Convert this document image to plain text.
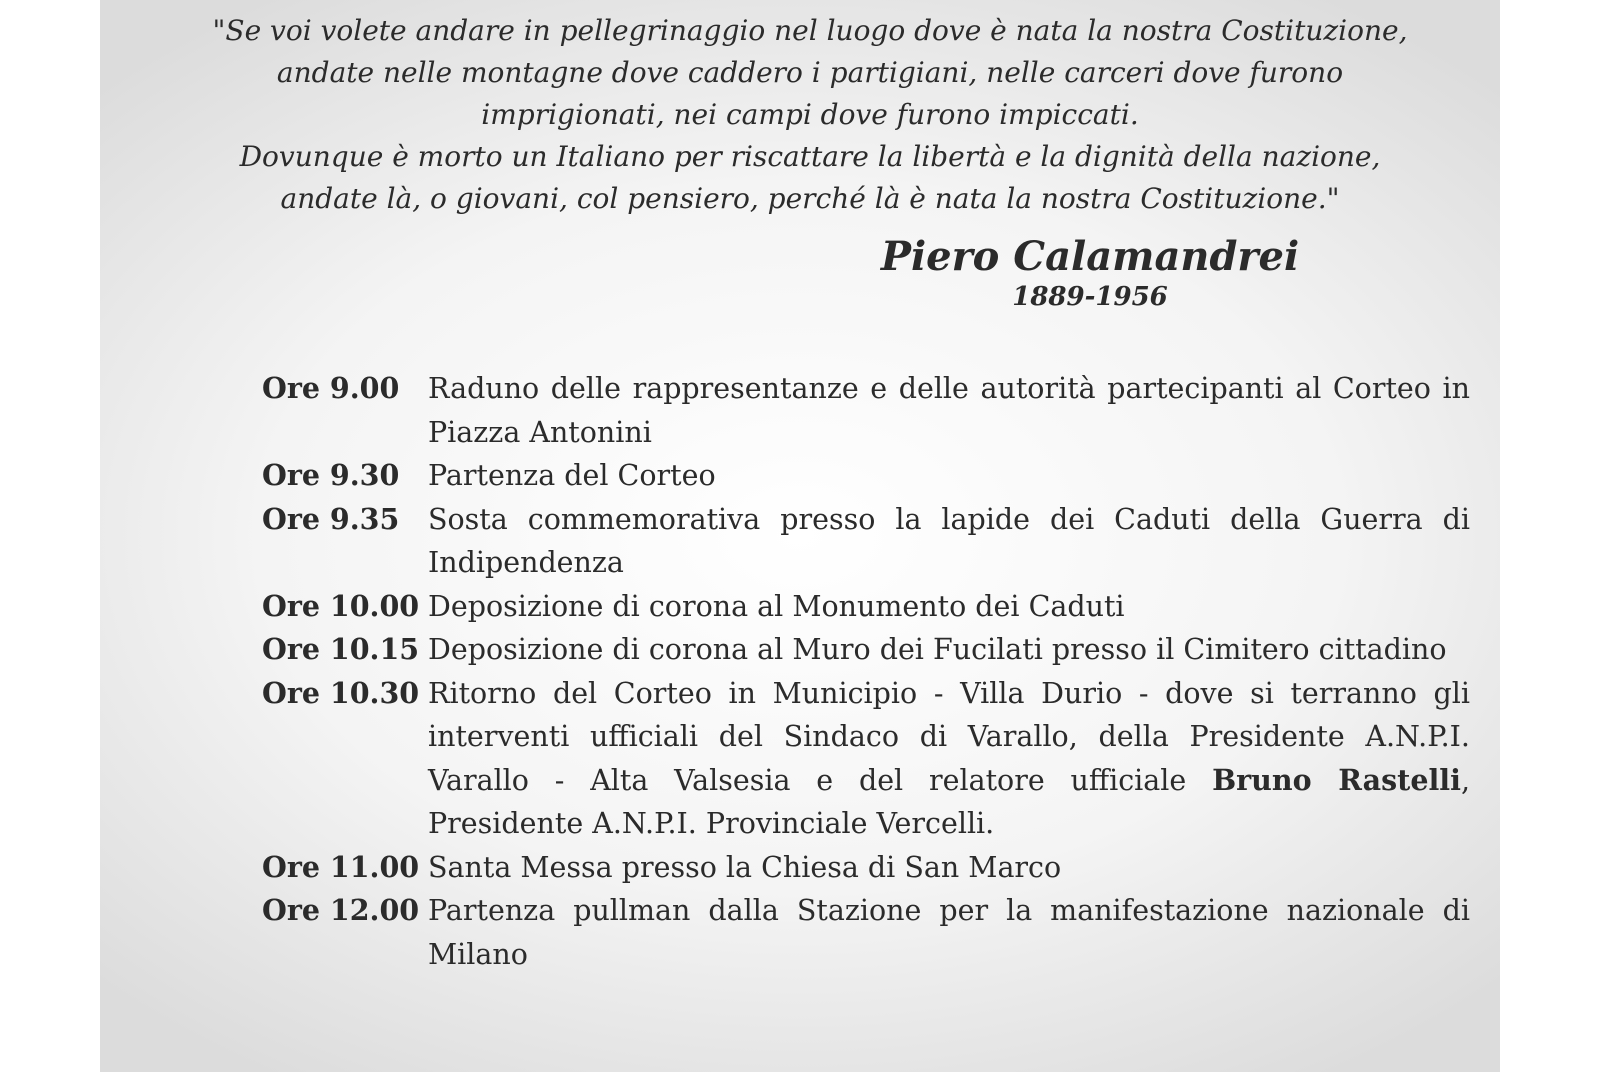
"Se voi volete andare in pellegrinaggio nel luogo dove è nata la nostra Costituzione,
andate nelle montagne dove caddero i partigiani, nelle carceri dove furono
imprigionati, nei campi dove furono impiccati.
Dovunque è morto un Italiano per riscattare la libertà e la dignità della nazione,
andate là, o giovani, col pensiero, perché là è nata la nostra Costituzione."

Piero Calamandrei
1889-1956
Ore 9.00	Raduno delle rappresentanze e delle autorità partecipanti al Corteo in Piazza Antonini
Ore 9.30	Partenza del Corteo
Ore 9.35	Sosta commemorativa presso la lapide dei Caduti della Guerra di Indipendenza
Ore 10.00 Deposizione di corona al Monumento dei Caduti
Ore 10.15 Deposizione di corona al Muro dei Fucilati presso il Cimitero cittadino
Ore 10.30 Ritorno del Corteo in Municipio - Villa Durio - dove si terranno gli interventi ufficiali del Sindaco di Varallo, della Presidente A.N.P.I. Varallo - Alta Valsesia e del relatore ufficiale Bruno Rastelli, Presidente A.N.P.I. Provinciale Vercelli.
Ore 11.00 Santa Messa presso la Chiesa di San Marco
Ore 12.00 Partenza pullman dalla Stazione per la manifestazione nazionale di Milano
